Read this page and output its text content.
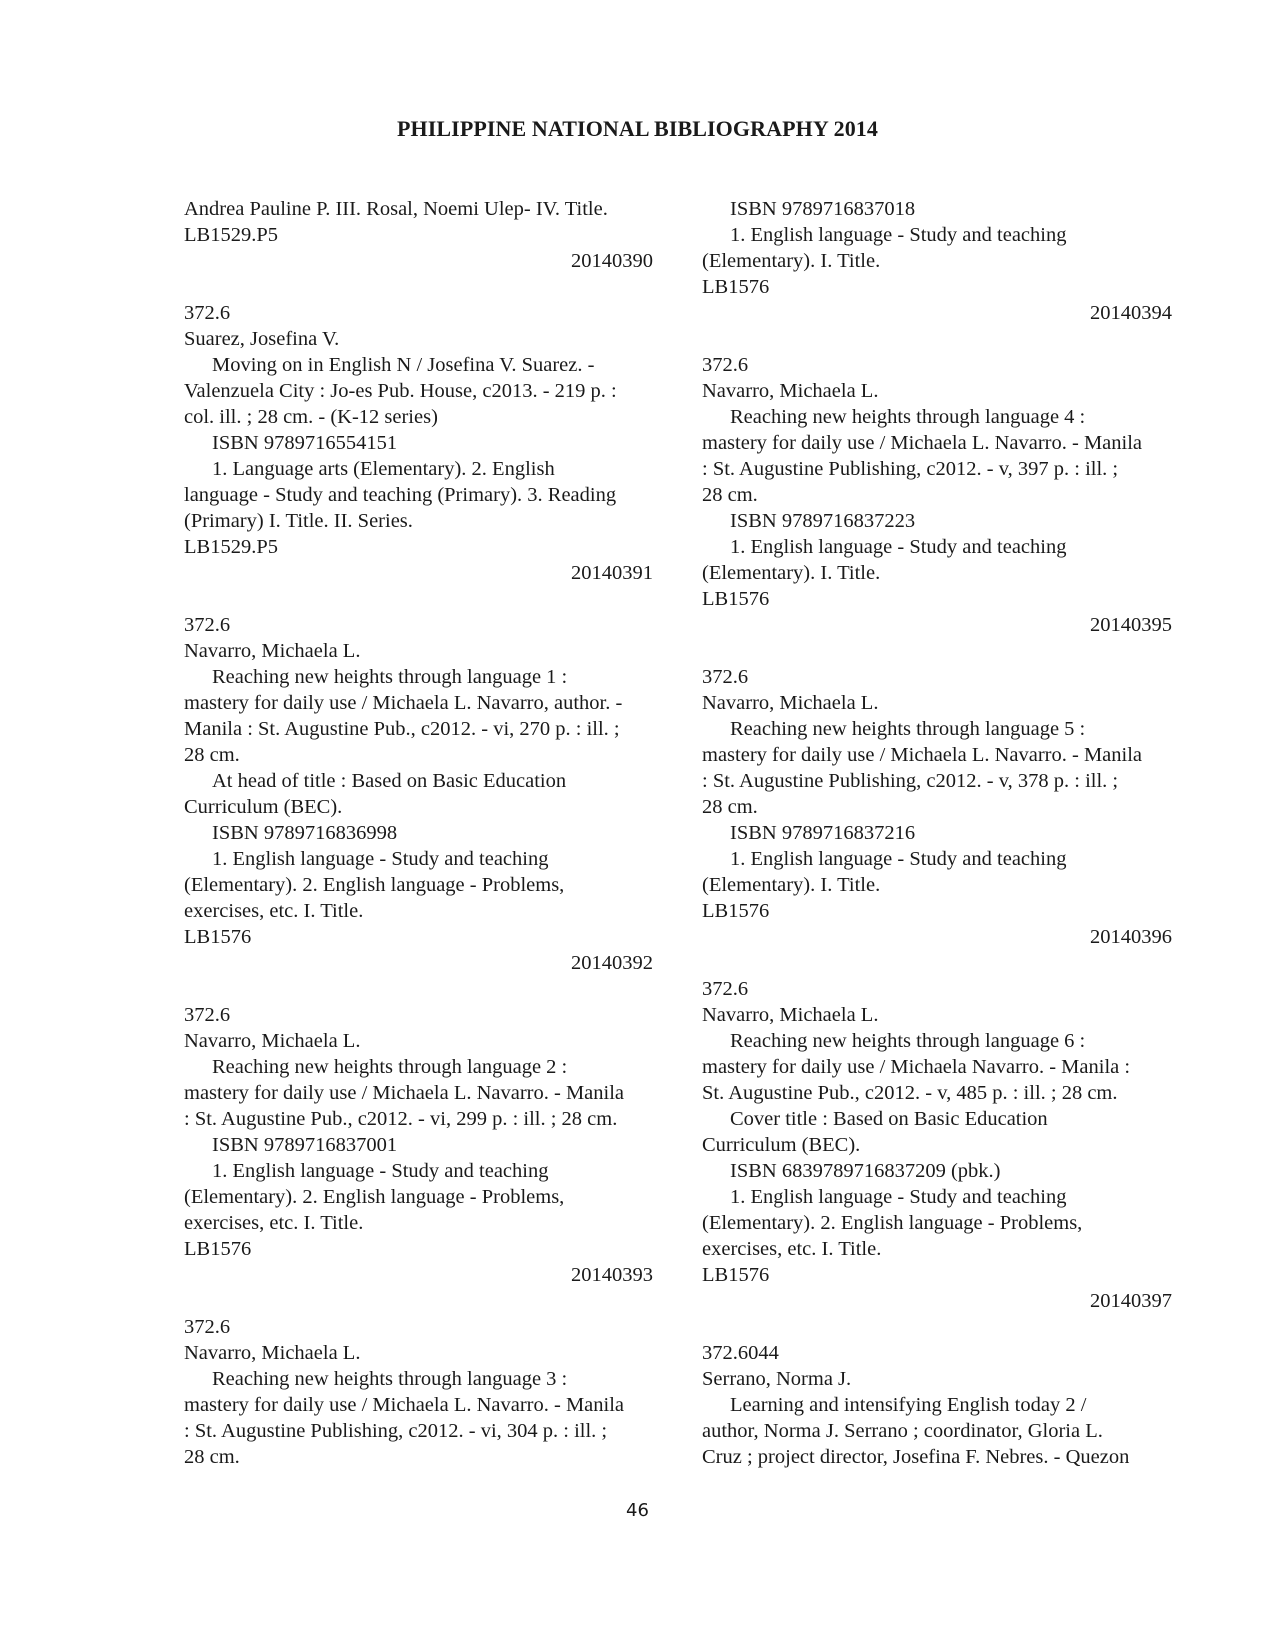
PHILIPPINE NATIONAL BIBLIOGRAPHY 2014
Andrea Pauline P. III. Rosal, Noemi Ulep- IV. Title.
LB1529.P5
20140390
372.6
Suarez, Josefina V.
Moving on in English N / Josefina V. Suarez. -
Valenzuela City : Jo-es Pub. House, c2013. - 219 p. :
col. ill. ; 28 cm. - (K-12 series)
ISBN 9789716554151
1. Language arts (Elementary). 2. English
language - Study and teaching (Primary). 3. Reading
(Primary) I. Title. II. Series.
LB1529.P5
20140391
372.6
Navarro, Michaela L.
Reaching new heights through language 1 :
mastery for daily use / Michaela L. Navarro, author. -
Manila : St. Augustine Pub., c2012. - vi, 270 p. : ill. ;
28 cm.
At head of title : Based on Basic Education
Curriculum (BEC).
ISBN 9789716836998
1. English language - Study and teaching
(Elementary). 2. English language - Problems,
exercises, etc. I. Title.
LB1576
20140392
372.6
Navarro, Michaela L.
Reaching new heights through language 2 :
mastery for daily use / Michaela L. Navarro. - Manila
: St. Augustine Pub., c2012. - vi, 299 p. : ill. ; 28 cm.
ISBN 9789716837001
1. English language - Study and teaching
(Elementary). 2. English language - Problems,
exercises, etc. I. Title.
LB1576
20140393
372.6
Navarro, Michaela L.
Reaching new heights through language 3 :
mastery for daily use / Michaela L. Navarro. - Manila
: St. Augustine Publishing, c2012. - vi, 304 p. : ill. ;
28 cm.
ISBN 9789716837018
1. English language - Study and teaching
(Elementary). I. Title.
LB1576
20140394
372.6
Navarro, Michaela L.
Reaching new heights through language 4 :
mastery for daily use / Michaela L. Navarro. - Manila
: St. Augustine Publishing, c2012. - v, 397 p. : ill. ;
28 cm.
ISBN 9789716837223
1. English language - Study and teaching
(Elementary). I. Title.
LB1576
20140395
372.6
Navarro, Michaela L.
Reaching new heights through language 5 :
mastery for daily use / Michaela L. Navarro. - Manila
: St. Augustine Publishing, c2012. - v, 378 p. : ill. ;
28 cm.
ISBN 9789716837216
1. English language - Study and teaching
(Elementary). I. Title.
LB1576
20140396
372.6
Navarro, Michaela L.
Reaching new heights through language 6 :
mastery for daily use / Michaela Navarro. - Manila :
St. Augustine Pub., c2012. - v, 485 p. : ill. ; 28 cm.
Cover title : Based on Basic Education
Curriculum (BEC).
ISBN 6839789716837209 (pbk.)
1. English language - Study and teaching
(Elementary). 2. English language - Problems,
exercises, etc. I. Title.
LB1576
20140397
372.6044
Serrano, Norma J.
Learning and intensifying English today 2 /
author, Norma J. Serrano ; coordinator, Gloria L.
Cruz ; project director, Josefina F. Nebres. - Quezon
46
